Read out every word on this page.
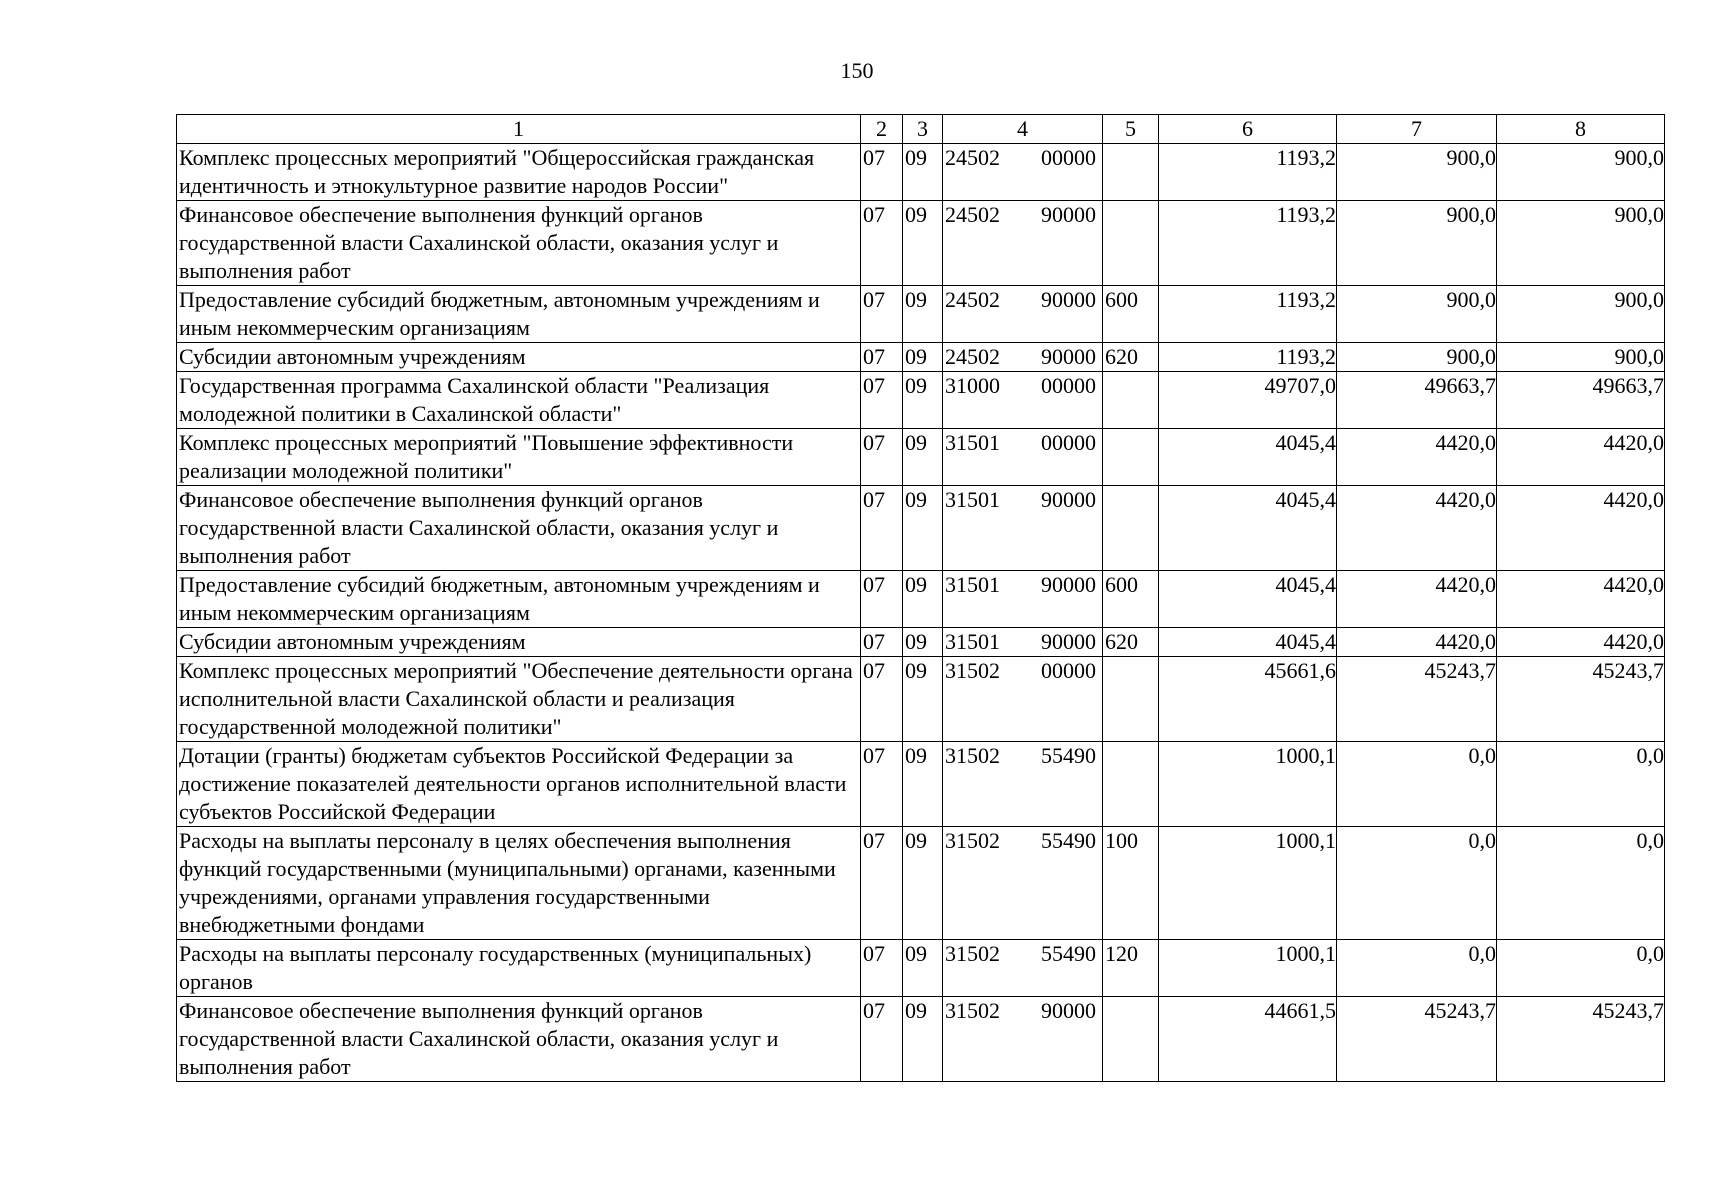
150
1	2	3	4	5	6	7	8
Комплекс процессных мероприятий "Общероссийская гражданская идентичность и этнокультурное развитие народов России"	07	09	24502 00000		1193,2	900,0	900,0
Финансовое обеспечение выполнения функций органов государственной власти Сахалинской области, оказания услуг и выполнения работ	07	09	24502 90000		1193,2	900,0	900,0
Предоставление субсидий бюджетным, автономным учреждениям и иным некоммерческим организациям	07	09	24502 90000	600	1193,2	900,0	900,0
Субсидии автономным учреждениям	07	09	24502 90000	620	1193,2	900,0	900,0
Государственная программа Сахалинской области "Реализация молодежной политики в Сахалинской области"	07	09	31000 00000		49707,0	49663,7	49663,7
Комплекс процессных мероприятий "Повышение эффективности реализации молодежной политики"	07	09	31501 00000		4045,4	4420,0	4420,0
Финансовое обеспечение выполнения функций органов государственной власти Сахалинской области, оказания услуг и выполнения работ	07	09	31501 90000		4045,4	4420,0	4420,0
Предоставление субсидий бюджетным, автономным учреждениям и иным некоммерческим организациям	07	09	31501 90000	600	4045,4	4420,0	4420,0
Субсидии автономным учреждениям	07	09	31501 90000	620	4045,4	4420,0	4420,0
Комплекс процессных мероприятий "Обеспечение деятельности органа исполнительной власти Сахалинской области и реализация государственной молодежной политики"	07	09	31502 00000		45661,6	45243,7	45243,7
Дотации (гранты) бюджетам субъектов Российской Федерации за достижение показателей деятельности органов исполнительной власти субъектов Российской Федерации	07	09	31502 55490		1000,1	0,0	0,0
Расходы на выплаты персоналу в целях обеспечения выполнения функций государственными (муниципальными) органами, казенными учреждениями, органами управления государственными внебюджетными фондами	07	09	31502 55490	100	1000,1	0,0	0,0
Расходы на выплаты персоналу государственных (муниципальных) органов	07	09	31502 55490	120	1000,1	0,0	0,0
Финансовое обеспечение выполнения функций органов государственной власти Сахалинской области, оказания услуг и выполнения работ	07	09	31502 90000		44661,5	45243,7	45243,7
